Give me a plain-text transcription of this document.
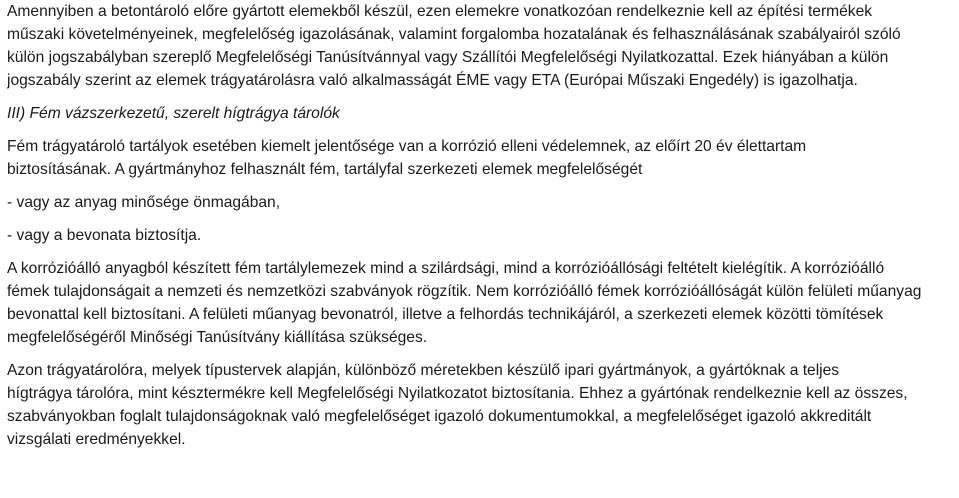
Amennyiben a betontároló előre gyártott elemekből készül, ezen elemekre vonatkozóan rendelkeznie kell az építési termékek
műszaki követelményeinek, megfelelőség igazolásának, valamint forgalomba hozatalának és felhasználásának szabályairól szóló
külön jogszabályban szereplő Megfelelőségi Tanúsítvánnyal vagy Szállítói Megfelelőségi Nyilatkozattal. Ezek hiányában a külön
jogszabály szerint az elemek trágyatárolásra való alkalmasságát ÉME vagy ETA (Európai Műszaki Engedély) is igazolhatja.

III) Fém vázszerkezetű, szerelt hígtrágya tárolók

Fém trágyatároló tartályok esetében kiemelt jelentősége van a korrózió elleni védelemnek, az előírt 20 év élettartam
biztosításának. A gyártmányhoz felhasznált fém, tartályfal szerkezeti elemek megfelelőségét

- vagy az anyag minősége önmagában,

- vagy a bevonata biztosítja.

A korrózióálló anyagból készített fém tartálylemezek mind a szilárdsági, mind a korrózióállósági feltételt kielégítik. A korrózióálló
fémek tulajdonságait a nemzeti és nemzetközi szabványok rögzítik. Nem korrózióálló fémek korrózióállóságát külön felületi műanyag
bevonattal kell biztosítani. A felületi műanyag bevonatról, illetve a felhordás technikájáról, a szerkezeti elemek közötti tömítések
megfelelőségéről Minőségi Tanúsítvány kiállítása szükséges.

Azon trágyatárolóra, melyek típustervek alapján, különböző méretekben készülő ipari gyártmányok, a gyártóknak a teljes
hígtrágya tárolóra, mint késztermékre kell Megfelelőségi Nyilatkozatot biztosítania. Ehhez a gyártónak rendelkeznie kell az összes,
szabványokban foglalt tulajdonságoknak való megfelelőséget igazoló dokumentumokkal, a megfelelőséget igazoló akkreditált
vizsgálati eredményekkel.
